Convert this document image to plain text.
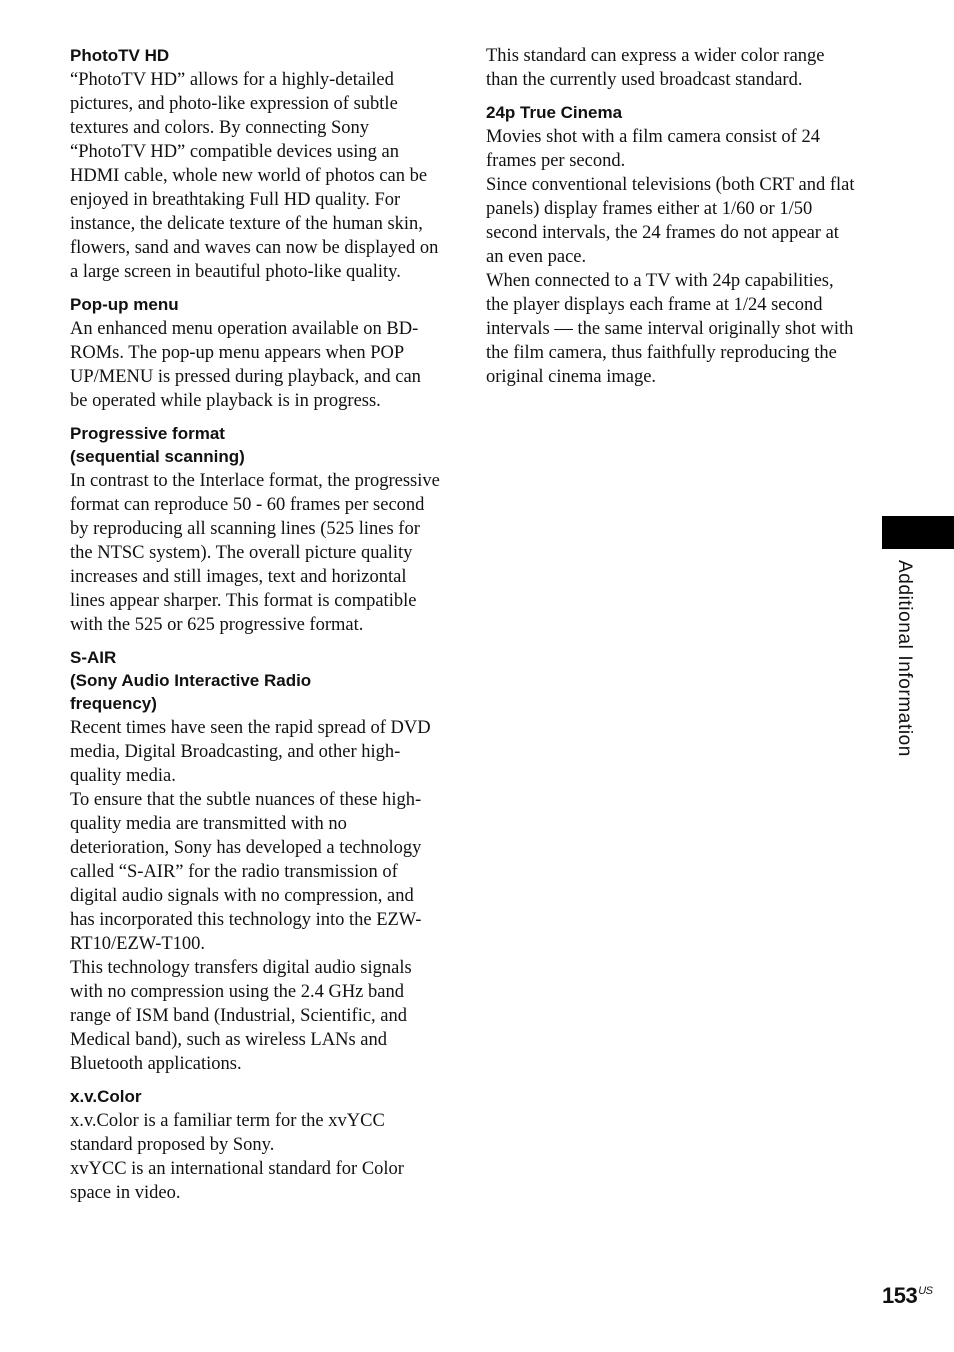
PhotoTV HD

“PhotoTV HD” allows for a highly-detailed pictures, and photo-like expression of subtle textures and colors. By connecting Sony “PhotoTV HD” compatible devices using an HDMI cable, whole new world of photos can be enjoyed in breathtaking Full HD quality. For instance, the delicate texture of the human skin, flowers, sand and waves can now be displayed on a large screen in beautiful photo-like quality.

Pop-up menu

An enhanced menu operation available on BD-ROMs. The pop-up menu appears when POP UP/MENU is pressed during playback, and can be operated while playback is in progress.

Progressive format
(sequential scanning)

In contrast to the Interlace format, the progressive format can reproduce 50 - 60 frames per second by reproducing all scanning lines (525 lines for the NTSC system). The overall picture quality increases and still images, text and horizontal lines appear sharper. This format is compatible with the 525 or 625 progressive format.

S-AIR
(Sony Audio Interactive Radio
frequency)

Recent times have seen the rapid spread of DVD media, Digital Broadcasting, and other high-quality media.

To ensure that the subtle nuances of these high-quality media are transmitted with no deterioration, Sony has developed a technology called “S-AIR” for the radio transmission of digital audio signals with no compression, and has incorporated this technology into the EZW-RT10/EZW-T100.

This technology transfers digital audio signals with no compression using the 2.4 GHz band range of ISM band (Industrial, Scientific, and Medical band), such as wireless LANs and Bluetooth applications.

x.v.Color

x.v.Color is a familiar term for the xvYCC standard proposed by Sony.

xvYCC is an international standard for Color space in video.

This standard can express a wider color range than the currently used broadcast standard.

24p True Cinema

Movies shot with a film camera consist of 24 frames per second.

Since conventional televisions (both CRT and flat panels) display frames either at 1/60 or 1/50 second intervals, the 24 frames do not appear at an even pace.

When connected to a TV with 24p capabilities, the player displays each frame at 1/24 second intervals — the same interval originally shot with the film camera, thus faithfully reproducing the original cinema image.

Additional Information
$153^{US}$
